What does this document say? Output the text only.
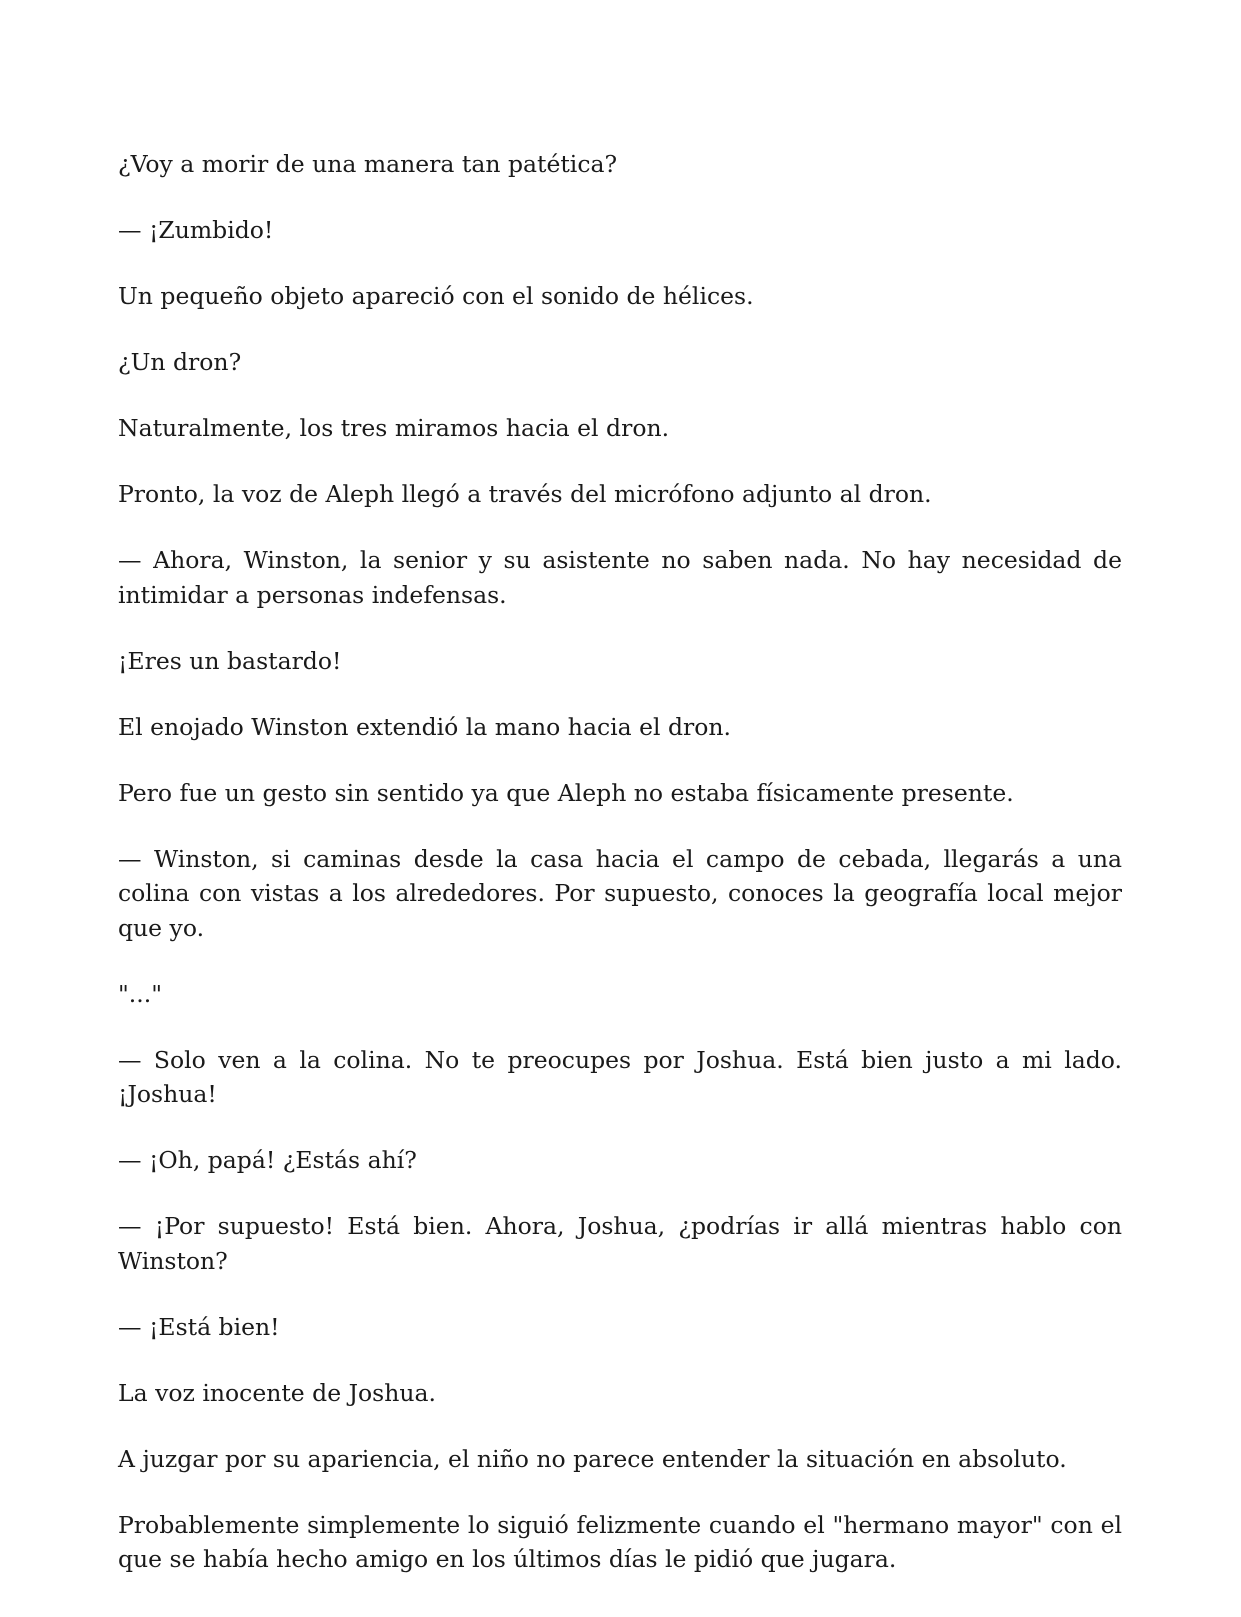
¿Voy a morir de una manera tan patética?

— ¡Zumbido!

Un pequeño objeto apareció con el sonido de hélices.

¿Un dron?

Naturalmente, los tres miramos hacia el dron.

Pronto, la voz de Aleph llegó a través del micrófono adjunto al dron.

— Ahora, Winston, la senior y su asistente no saben nada. No hay necesidad de intimidar a personas indefensas.

¡Eres un bastardo!

El enojado Winston extendió la mano hacia el dron.

Pero fue un gesto sin sentido ya que Aleph no estaba físicamente presente.

— Winston, si caminas desde la casa hacia el campo de cebada, llegarás a una colina con vistas a los alrededores. Por supuesto, conoces la geografía local mejor que yo.

"..."

— Solo ven a la colina. No te preocupes por Joshua. Está bien justo a mi lado. ¡Joshua!

— ¡Oh, papá! ¿Estás ahí?

— ¡Por supuesto! Está bien. Ahora, Joshua, ¿podrías ir allá mientras hablo con Winston?

— ¡Está bien!

La voz inocente de Joshua.

A juzgar por su apariencia, el niño no parece entender la situación en absoluto.

Probablemente simplemente lo siguió felizmente cuando el "hermano mayor" con el que se había hecho amigo en los últimos días le pidió que jugara.
